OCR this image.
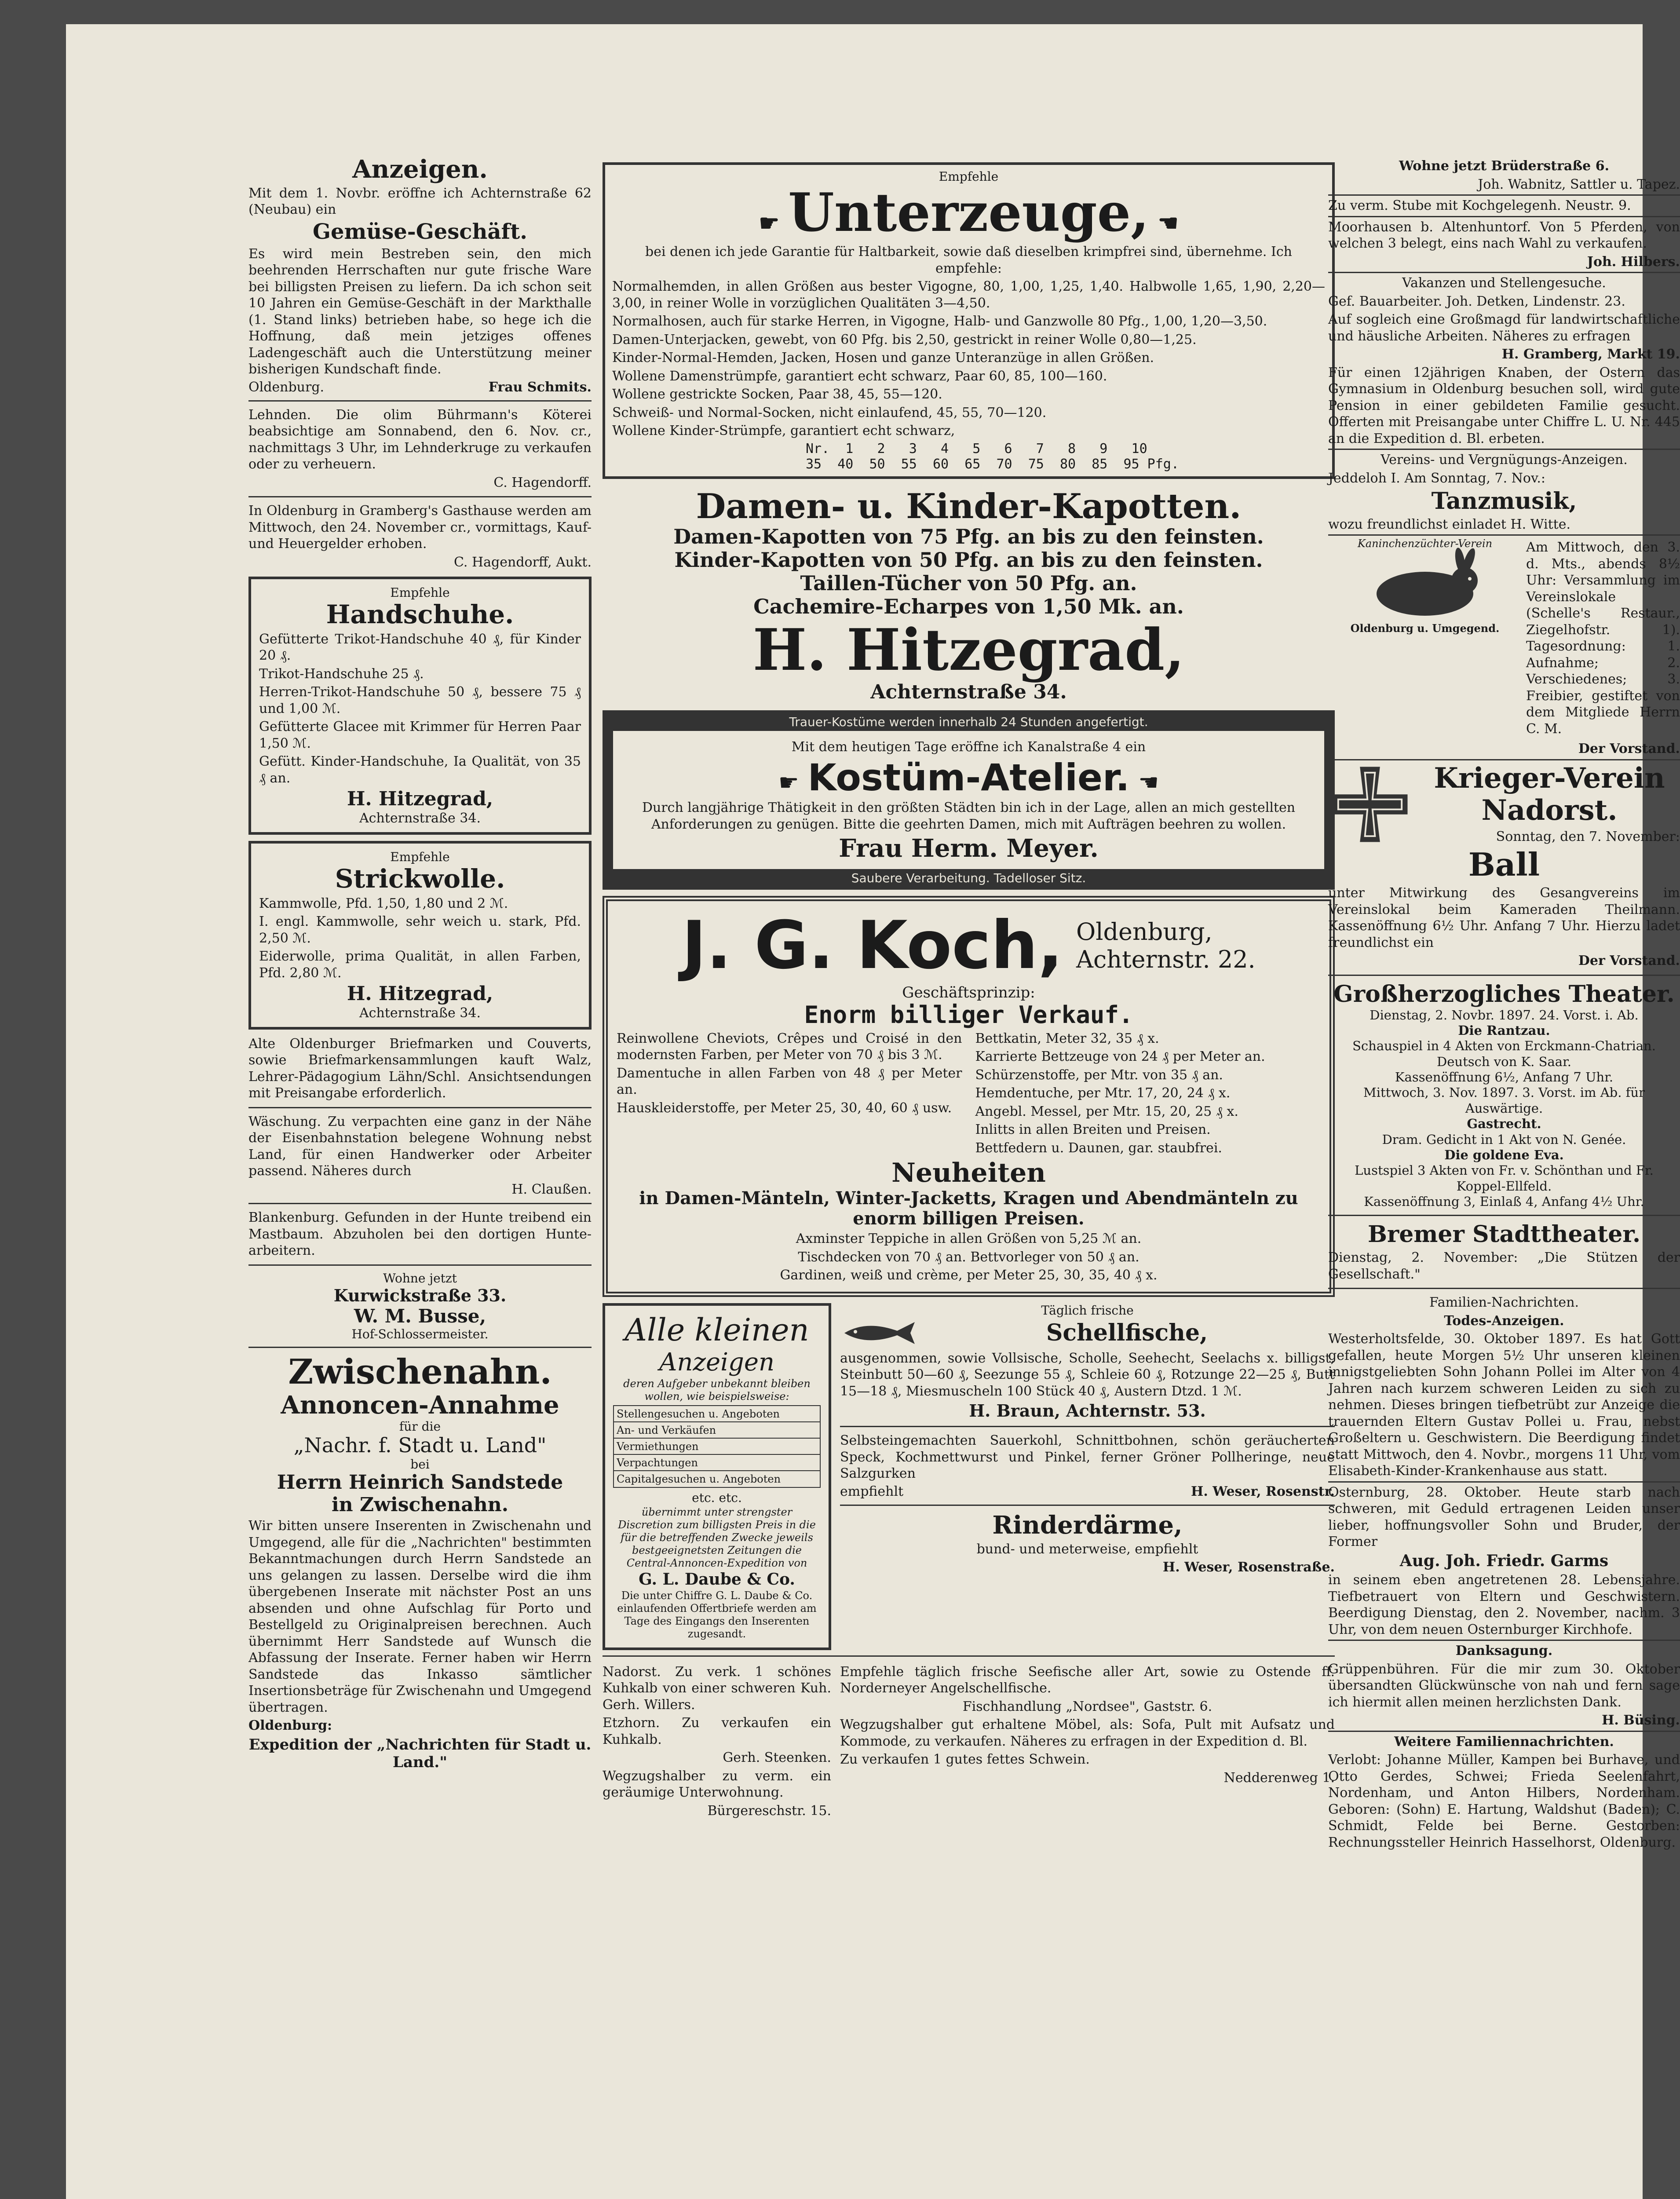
Anzeigen.

Mit dem 1. Novbr. eröffne ich Achternstraße 62 (Neubau) ein

Gemüse-Geschäft.

Es wird mein Bestreben sein, den mich beehrenden Herrschaften nur gute frische Ware bei billigsten Preisen zu liefern. Da ich schon seit 10 Jahren ein Gemüse-Geschäft in der Markthalle (1. Stand links) betrieben habe, so hege ich die Hoffnung, daß mein jetziges offenes Ladengeschäft auch die Unterstützung meiner bisherigen Kundschaft finde.

Oldenburg.	Frau Schmits.

Lehnden. Die olim Bührmann's Köterei beabsichtige am Sonnabend, den 6. Nov. cr., nachmittags 3 Uhr, im Lehnderkruge zu verkaufen oder zu verheuern.

C. Hagendorff.

In Oldenburg in Gramberg's Gasthause werden am Mittwoch, den 24. November cr., vormittags, Kauf- und Heuergelder erhoben.

C. Hagendorff, Aukt.

Empfehle
Handschuhe.

Gefütterte Trikot-Handschuhe 40 ₰, für Kinder 20 ₰.

Trikot-Handschuhe 25 ₰.

Herren-Trikot-Handschuhe 50 ₰, bessere 75 ₰ und 1,00 ℳ.

Gefütterte Glacee mit Krimmer für Herren Paar 1,50 ℳ.

Gefütt. Kinder-Handschuhe, Ia Qualität, von 35 ₰ an.

H. Hitzegrad,
Achternstraße 34.
Empfehle
Strickwolle.

Kammwolle, Pfd. 1,50, 1,80 und 2 ℳ.

I. engl. Kammwolle, sehr weich u. stark, Pfd. 2,50 ℳ.

Eiderwolle, prima Qualität, in allen Farben, Pfd. 2,80 ℳ.

H. Hitzegrad,
Achternstraße 34.

Alte Oldenburger Briefmarken und Couverts, sowie Briefmarkensammlungen kauft Walz, Lehrer-Pädagogium Lähn/Schl. Ansichtsendungen mit Preisangabe erforderlich.

Wäschung. Zu verpachten eine ganz in der Nähe der Eisenbahnstation belegene Wohnung nebst Land, für einen Handwerker oder Arbeiter passend. Näheres durch

H. Claußen.

Blankenburg. Gefunden in der Hunte treibend ein Mastbaum. Abzuholen bei den dortigen Hunte-arbeitern.

Wohne jetzt
Kurwickstraße 33.
W. M. Busse,
Hof-Schlossermeister.
Zwischenahn.
Annoncen-Annahme
für die
„Nachr. f. Stadt u. Land"
bei
Herrn Heinrich Sandstede
in Zwischenahn.

Wir bitten unsere Inserenten in Zwischenahn und Umgegend, alle für die „Nachrichten" bestimmten Bekanntmachungen durch Herrn Sandstede an uns gelangen zu lassen. Derselbe wird die ihm übergebenen Inserate mit nächster Post an uns absenden und ohne Aufschlag für Porto und Bestellgeld zu Originalpreisen berechnen. Auch übernimmt Herr Sandstede auf Wunsch die Abfassung der Inserate. Ferner haben wir Herrn Sandstede das Inkasso sämtlicher Insertionsbeträge für Zwischenahn und Umgegend übertragen.

Oldenburg:

Expedition der „Nachrichten für Stadt u. Land."
Empfehle
☛ Unterzeuge, ☚

bei denen ich jede Garantie für Haltbarkeit, sowie daß dieselben krimpfrei sind, übernehme. Ich empfehle:

Normalhemden, in allen Größen aus bester Vigogne, 80, 1,00, 1,25, 1,40. Halbwolle 1,65, 1,90, 2,20—3,00, in reiner Wolle in vorzüglichen Qualitäten 3—4,50.

Normalhosen, auch für starke Herren, in Vigogne, Halb- und Ganzwolle 80 Pfg., 1,00, 1,20—3,50.

Damen-Unterjacken, gewebt, von 60 Pfg. bis 2,50, gestrickt in reiner Wolle 0,80—1,25.

Kinder-Normal-Hemden, Jacken, Hosen und ganze Unteranzüge in allen Größen.

Wollene Damenstrümpfe, garantiert echt schwarz, Paar 60, 85, 100—160.

Wollene gestrickte Socken, Paar 38, 45, 55—120.

Schweiß- und Normal-Socken, nicht einlaufend, 45, 55, 70—120.

Wollene Kinder-Strümpfe, garantiert echt schwarz,

Nr.  1   2   3   4   5   6   7   8   9   10
35  40  50  55  60  65  70  75  80  85  95 Pfg.
Damen- u. Kinder-Kapotten.
Damen-Kapotten von 75 Pfg. an bis zu den feinsten.
Kinder-Kapotten von 50 Pfg. an bis zu den feinsten.
Taillen-Tücher von 50 Pfg. an.
Cachemire-Echarpes von 1,50 Mk. an.
H. Hitzegrad,
Achternstraße 34.
Trauer-Kostüme werden innerhalb 24 Stunden angefertigt.

Mit dem heutigen Tage eröffne ich Kanalstraße 4 ein

☛ Kostüm-Atelier. ☚

Durch langjährige Thätigkeit in den größten Städten bin ich in der Lage, allen an mich gestellten Anforderungen zu genügen. Bitte die geehrten Damen, mich mit Aufträgen beehren zu wollen.

Frau Herm. Meyer.
Saubere Verarbeitung. Tadelloser Sitz.
J. G. Koch, Oldenburg,
Achternstr. 22.
Geschäftsprinzip:
Enorm billiger Verkauf.

Reinwollene Cheviots, Crêpes und Croisé in den modernsten Farben, per Meter von 70 ₰ bis 3 ℳ.

Damentuche in allen Farben von 48 ₰ per Meter an.

Hauskleiderstoffe, per Meter 25, 30, 40, 60 ₰ usw.

Bettkatin, Meter 32, 35 ₰ x.

Karrierte Bettzeuge von 24 ₰ per Meter an.

Schürzenstoffe, per Mtr. von 35 ₰ an.

Hemdentuche, per Mtr. 17, 20, 24 ₰ x.

Angebl. Messel, per Mtr. 15, 20, 25 ₰ x.

Inlitts in allen Breiten und Preisen.

Bettfedern u. Daunen, gar. staubfrei.

Neuheiten
in Damen-Mänteln, Winter-Jacketts, Kragen und Abendmänteln zu enorm billigen Preisen.

Axminster Teppiche in allen Größen von 5,25 ℳ an.

Tischdecken von 70 ₰ an. Bettvorleger von 50 ₰ an.

Gardinen, weiß und crème, per Meter 25, 30, 35, 40 ₰ x.

Alle kleinen
Anzeigen

deren Aufgeber unbekannt bleiben wollen, wie beispielsweise:

Stellengesuchen u. Angeboten
An- und Verkäufen
Vermiethungen
Verpachtungen
Capitalgesuchen u. Angeboten
etc. etc.

übernimmt unter strengster Discretion zum billigsten Preis in die für die betreffenden Zwecke jeweils bestgeeignetsten Zeitungen die Central-Annoncen-Expedition von

G. L. Daube & Co.

Die unter Chiffre G. L. Daube & Co. einlaufenden Offertbriefe werden am Tage des Eingangs den Inserenten zugesandt.

Täglich frische
Schellfische,

ausgenommen, sowie Vollsische, Scholle, Seehecht, Seelachs x. billigst, Steinbutt 50—60 ₰, Seezunge 55 ₰, Schleie 60 ₰, Rotzunge 22—25 ₰, Butt 15—18 ₰, Miesmuscheln 100 Stück 40 ₰, Austern Dtzd. 1 ℳ.

H. Braun, Achternstr. 53.

Selbsteingemachten Sauerkohl, Schnittbohnen, schön geräucherten Speck, Kochmettwurst und Pinkel, ferner Gröner Pollheringe, neue Salzgurken

empfiehlt	H. Weser, Rosenstr.
Rinderdärme,

bund- und meterweise, empfiehlt

H. Weser, Rosenstraße.

Nadorst. Zu verk. 1 schönes Kuhkalb von einer schweren Kuh. Gerh. Willers.

Etzhorn. Zu verkaufen ein Kuhkalb.

Gerh. Steenken.

Wegzugshalber zu verm. ein geräumige Unterwohnung.

Bürgereschstr. 15.

Empfehle täglich frische Seefische aller Art, sowie zu Ostende ff. Norderneyer Angelschellfische.

Fischhandlung „Nordsee", Gaststr. 6.

Wegzugshalber gut erhaltene Möbel, als: Sofa, Pult mit Aufsatz und Kommode, zu verkaufen. Näheres zu erfragen in der Expedition d. Bl.

Zu verkaufen 1 gutes fettes Schwein.

Nedderenweg 1.

Wohne jetzt Brüderstraße 6.

Joh. Wabnitz, Sattler u. Tapez.

Zu verm. Stube mit Kochgelegenh. Neustr. 9.

Moorhausen b. Altenhuntorf. Von 5 Pferden, von welchen 3 belegt, eins nach Wahl zu verkaufen.

Joh. Hilbers.

Vakanzen und Stellengesuche.

Gef. Bauarbeiter. Joh. Detken, Lindenstr. 23.

Auf sogleich eine Großmagd für landwirtschaftliche und häusliche Arbeiten. Näheres zu erfragen

H. Gramberg, Markt 19.

Für einen 12jährigen Knaben, der Ostern das Gymnasium in Oldenburg besuchen soll, wird gute Pension in einer gebildeten Familie gesucht. Offerten mit Preisangabe unter Chiffre L. U. Nr. 445 an die Expedition d. Bl. erbeten.

Vereins- und Vergnügungs-Anzeigen.

Jeddeloh I. Am Sonntag, 7. Nov.:

Tanzmusik,

wozu freundlichst einladet H. Witte.

Kaninchenzüchter-Verein
Oldenburg u. Umgegend.

Am Mittwoch, den 3. d. Mts., abends 8½ Uhr: Versammlung im Vereinslokale (Schelle's Restaur., Ziegelhofstr. 1). Tagesordnung: 1. Aufnahme; 2. Verschiedenes; 3. Freibier, gestiftet von dem Mitgliede Herrn C. M.

Der Vorstand.

Krieger-Verein
Nadorst.

Sonntag, den 7. November:

Ball

unter Mitwirkung des Gesangvereins im Vereinslokal beim Kameraden Theilmann. Kassenöffnung 6½ Uhr. Anfang 7 Uhr. Hierzu ladet freundlichst ein

Der Vorstand.

Großherzogliches Theater.

Dienstag, 2. Novbr. 1897. 24. Vorst. i. Ab.

Die Rantzau.

Schauspiel in 4 Akten von Erckmann-Chatrian. Deutsch von K. Saar.

Kassenöffnung 6½, Anfang 7 Uhr.

Mittwoch, 3. Nov. 1897. 3. Vorst. im Ab. für Auswärtige.

Gastrecht.

Dram. Gedicht in 1 Akt von N. Genée.

Die goldene Eva.

Lustspiel 3 Akten von Fr. v. Schönthan und Fr. Koppel-Ellfeld.

Kassenöffnung 3, Einlaß 4, Anfang 4½ Uhr.

Bremer Stadttheater.

Dienstag, 2. November: „Die Stützen der Gesellschaft."

Familien-Nachrichten.

Todes-Anzeigen.

Westerholtsfelde, 30. Oktober 1897. Es hat Gott gefallen, heute Morgen 5½ Uhr unseren kleinen innigstgeliebten Sohn Johann Pollei im Alter von 4 Jahren nach kurzem schweren Leiden zu sich zu nehmen. Dieses bringen tiefbetrübt zur Anzeige die trauernden Eltern Gustav Pollei u. Frau, nebst Großeltern u. Geschwistern. Die Beerdigung findet statt Mittwoch, den 4. Novbr., morgens 11 Uhr, vom Elisabeth-Kinder-Krankenhause aus statt.

Osternburg, 28. Oktober. Heute starb nach schweren, mit Geduld ertragenen Leiden unser lieber, hoffnungsvoller Sohn und Bruder, der Former

Aug. Joh. Friedr. Garms

in seinem eben angetretenen 28. Lebensjahre. Tiefbetrauert von Eltern und Geschwistern. Beerdigung Dienstag, den 2. November, nachm. 3 Uhr, von dem neuen Osternburger Kirchhofe.

Danksagung.

Grüppenbühren. Für die mir zum 30. Oktober übersandten Glückwünsche von nah und fern sage ich hiermit allen meinen herzlichsten Dank.

H. Büsing.

Weitere Familiennachrichten.

Verlobt: Johanne Müller, Kampen bei Burhave, und Otto Gerdes, Schwei; Frieda Seelenfahrt, Nordenham, und Anton Hilbers, Nordenham. Geboren: (Sohn) E. Hartung, Waldshut (Baden); C. Schmidt, Felde bei Berne. Gestorben: Rechnungssteller Heinrich Hasselhorst, Oldenburg.
